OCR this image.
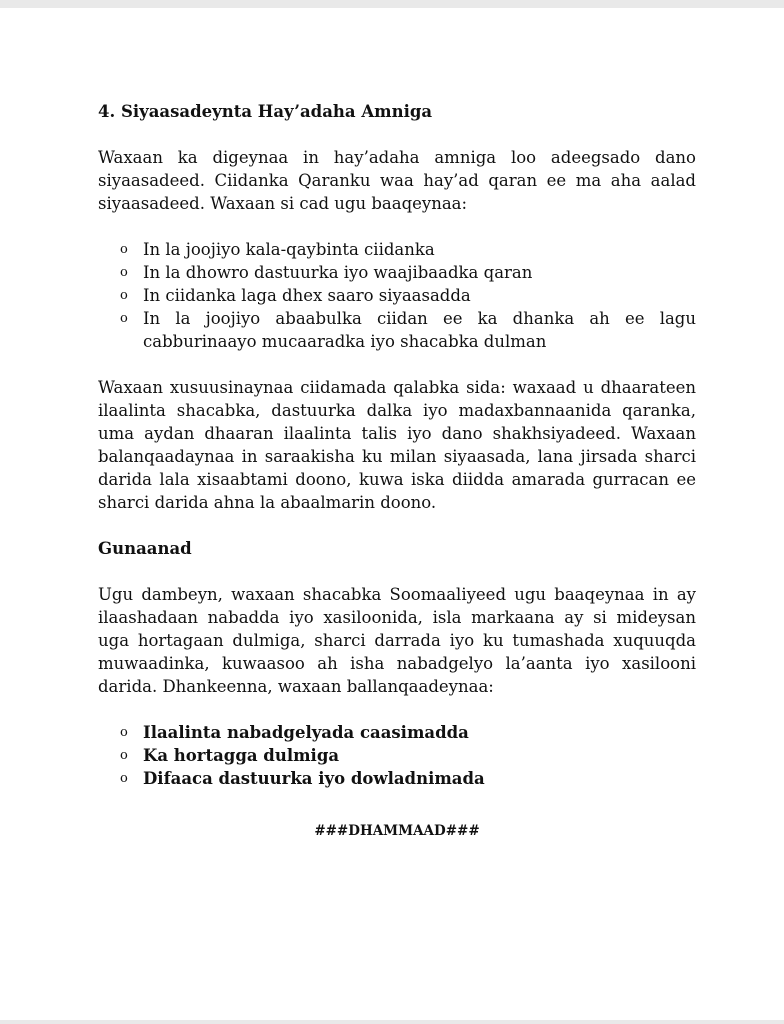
4. Siyaasadeynta Hay’adaha Amniga

Waxaan ka digeynaa in hay’adaha amniga loo adeegsado dano siyaasadeed. Ciidanka Qaranku waa hay’ad qaran ee ma aha aalad siyaasadeed. Waxaan si cad ugu baaqeynaa:

o In la joojiyo kala-qaybinta ciidanka
o In la dhowro dastuurka iyo waajibaadka qaran
o In ciidanka laga dhex saaro siyaasadda
o In la joojiyo abaabulka ciidan ee ka dhanka ah ee lagu cabburinaayo mucaaradka iyo shacabka dulman

Waxaan xusuusinaynaa ciidamada qalabka sida: waxaad u dhaarateen ilaalinta shacabka, dastuurka dalka iyo madaxbannaanida qaranka, uma aydan dhaaran ilaalinta talis iyo dano shakhsiyadeed. Waxaan balanqaadaynaa in saraakisha ku milan siyaasada, lana jirsada sharci darida lala xisaabtami doono, kuwa iska diidda amarada gurracan ee sharci darida ahna la abaalmarin doono.

Gunaanad

Ugu dambeyn, waxaan shacabka Soomaaliyeed ugu baaqeynaa in ay ilaashadaan nabadda iyo xasiloonida, isla markaana ay si mideysan uga hortagaan dulmiga, sharci darrada iyo ku tumashada xuquuqda muwaadinka, kuwaasoo ah isha nabadgelyo la’aanta iyo xasilooni darida. Dhankeenna, waxaan ballanqaadeynaa:

o Ilaalinta nabadgelyada caasimadda
o Ka hortagga dulmiga
o Difaaca dastuurka iyo dowladnimada
###DHAMMAAD###
